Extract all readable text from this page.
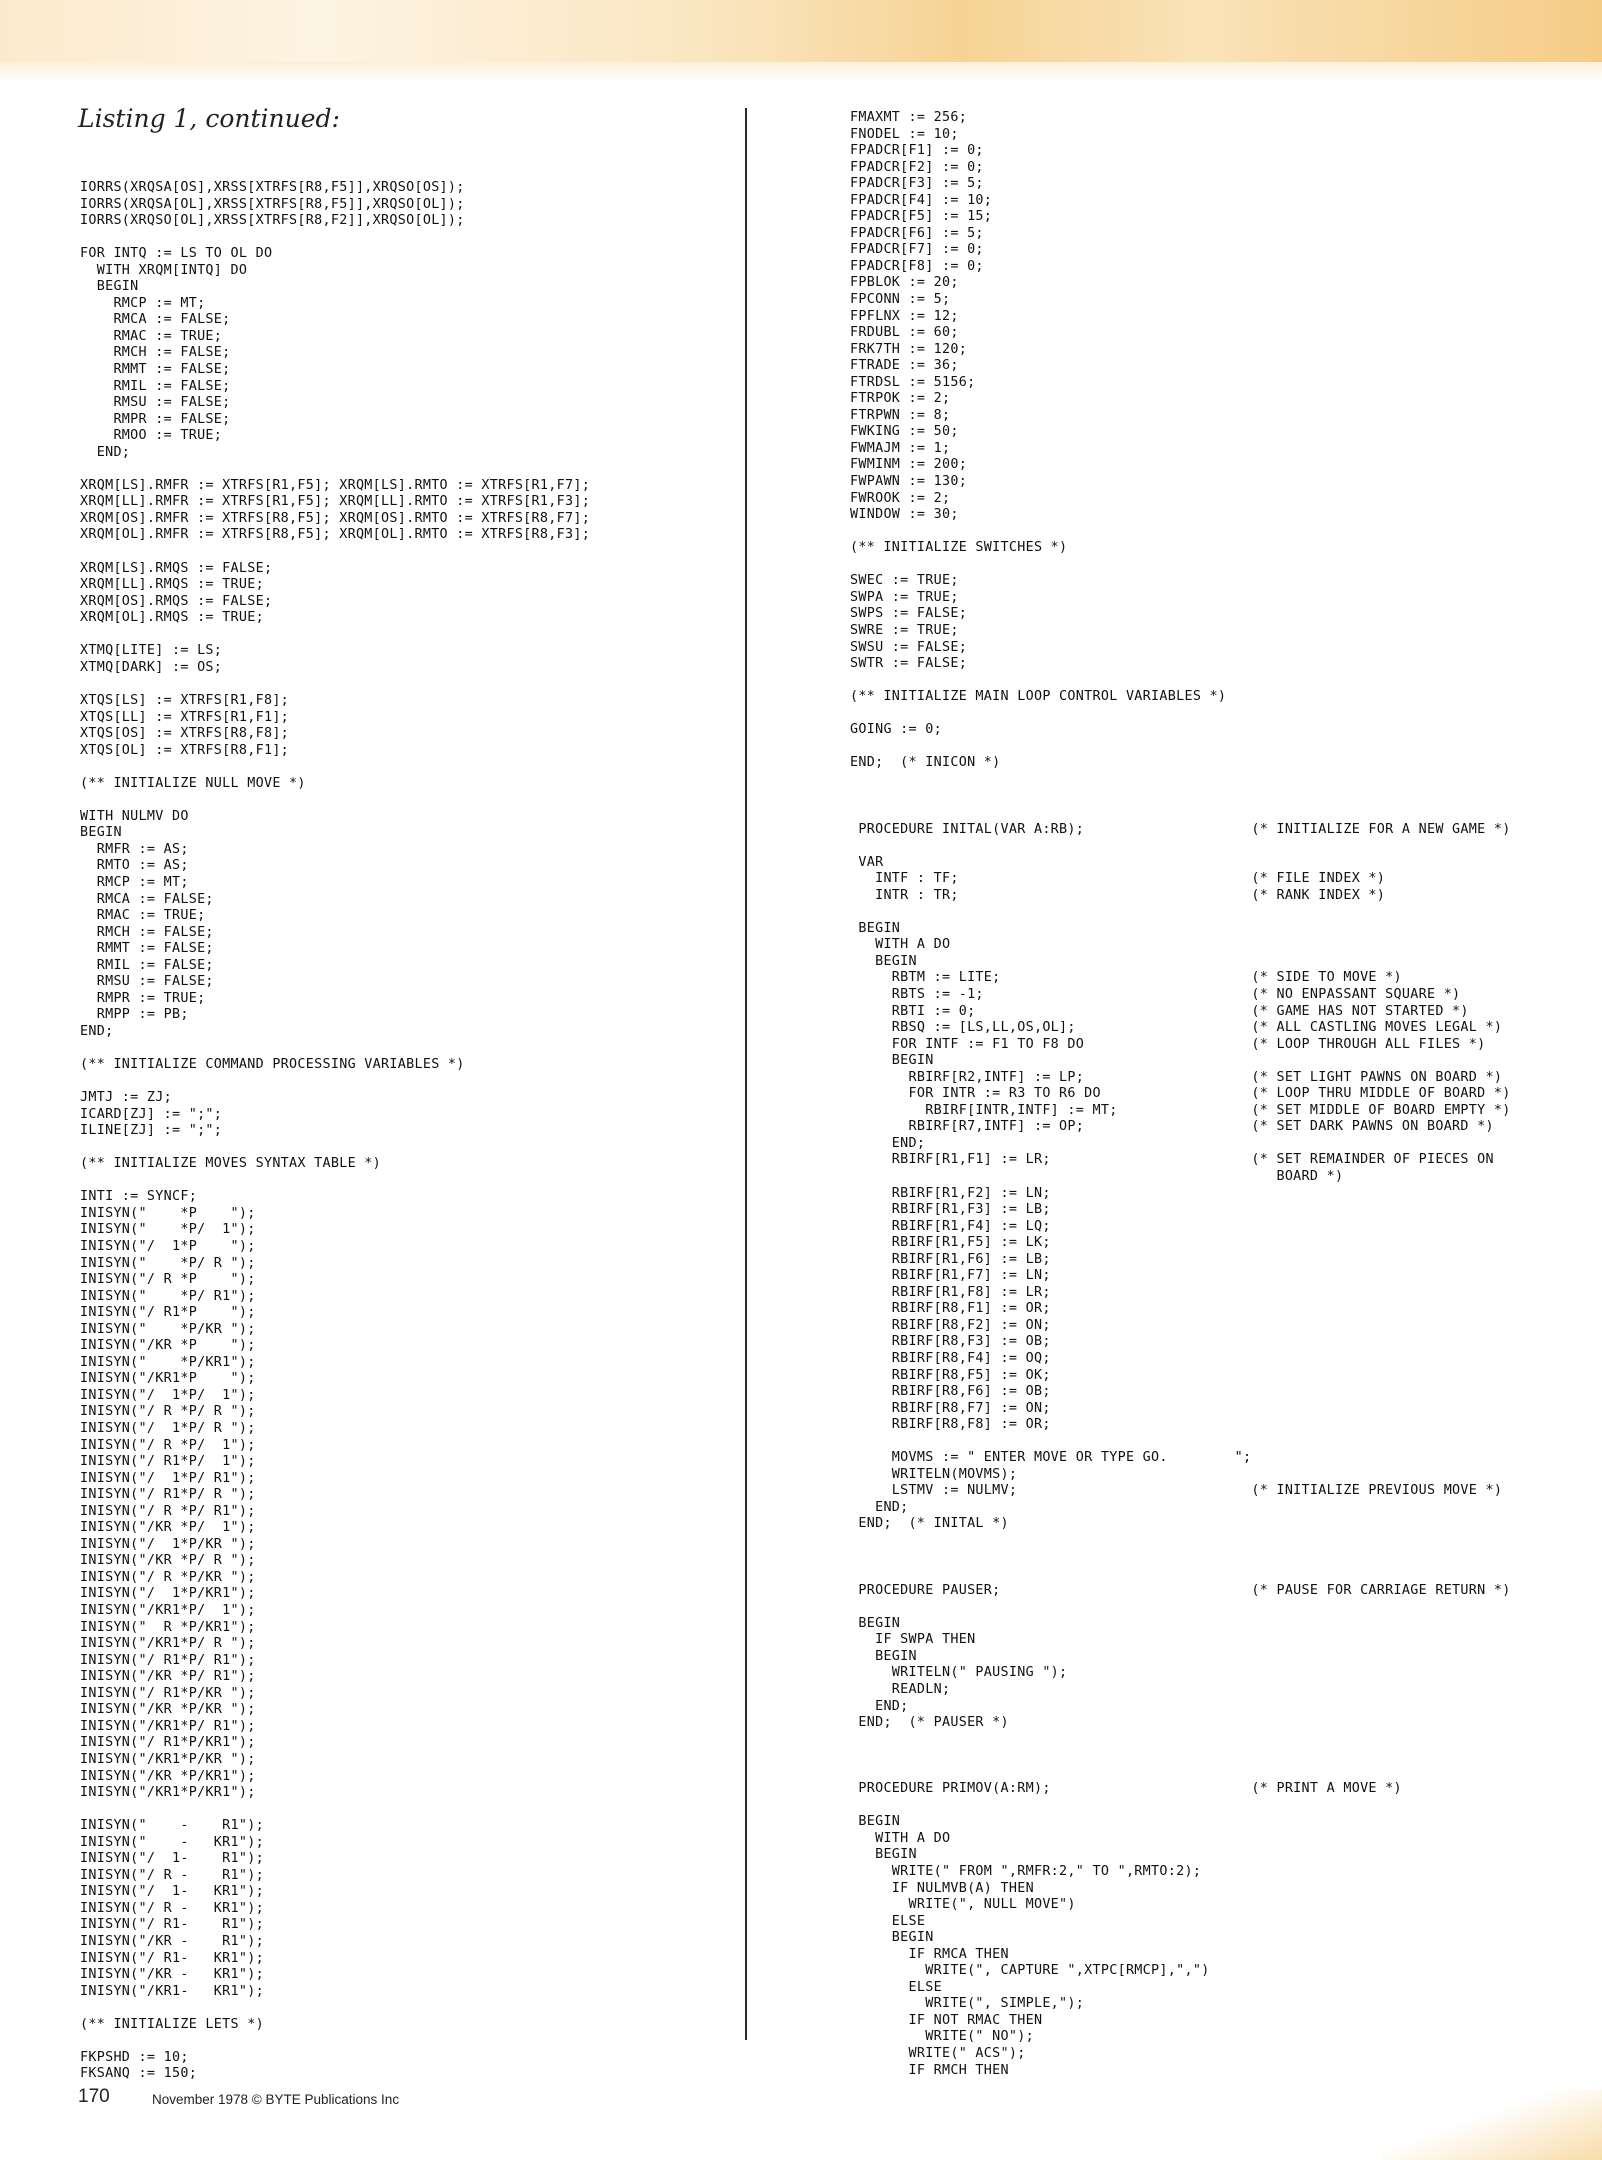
Listing 1, continued:
IORRS(XRQSA[OS],XRSS[XTRFS[R8,F5]],XRQSO[OS]);
IORRS(XRQSA[OL],XRSS[XTRFS[R8,F5]],XRQSO[OL]);
IORRS(XRQSO[OL],XRSS[XTRFS[R8,F2]],XRQSO[OL]);

FOR INTQ := LS TO OL DO
WITH XRQM[INTQ] DO
BEGIN
RMCP := MT;
RMCA := FALSE;
RMAC := TRUE;
RMCH := FALSE;
RMMT := FALSE;
RMIL := FALSE;
RMSU := FALSE;
RMPR := FALSE;
RMOO := TRUE;
END;

XRQM[LS].RMFR := XTRFS[R1,F5]; XRQM[LS].RMTO := XTRFS[R1,F7];
XRQM[LL].RMFR := XTRFS[R1,F5]; XRQM[LL].RMTO := XTRFS[R1,F3];
XRQM[OS].RMFR := XTRFS[R8,F5]; XRQM[OS].RMTO := XTRFS[R8,F7];
XRQM[OL].RMFR := XTRFS[R8,F5]; XRQM[OL].RMTO := XTRFS[R8,F3];

XRQM[LS].RMQS := FALSE;
XRQM[LL].RMQS := TRUE;
XRQM[OS].RMQS := FALSE;
XRQM[OL].RMQS := TRUE;

XTMQ[LITE] := LS;
XTMQ[DARK] := OS;

XTQS[LS] := XTRFS[R1,F8];
XTQS[LL] := XTRFS[R1,F1];
XTQS[OS] := XTRFS[R8,F8];
XTQS[OL] := XTRFS[R8,F1];

(** INITIALIZE NULL MOVE *)

WITH NULMV DO
BEGIN
RMFR := AS;
RMTO := AS;
RMCP := MT;
RMCA := FALSE;
RMAC := TRUE;
RMCH := FALSE;
RMMT := FALSE;
RMIL := FALSE;
RMSU := FALSE;
RMPR := TRUE;
RMPP := PB;
END;

(** INITIALIZE COMMAND PROCESSING VARIABLES *)

JMTJ := ZJ;
ICARD[ZJ] := ";";
ILINE[ZJ] := ";";

(** INITIALIZE MOVES SYNTAX TABLE *)

INTI := SYNCF;
INISYN("    *P    ");
INISYN("    *P/  1");
INISYN("/  1*P    ");
INISYN("    *P/ R ");
INISYN("/ R *P    ");
INISYN("    *P/ R1");
INISYN("/ R1*P    ");
INISYN("    *P/KR ");
INISYN("/KR *P    ");
INISYN("    *P/KR1");
INISYN("/KR1*P    ");
INISYN("/  1*P/  1");
INISYN("/ R *P/ R ");
INISYN("/  1*P/ R ");
INISYN("/ R *P/  1");
INISYN("/ R1*P/  1");
INISYN("/  1*P/ R1");
INISYN("/ R1*P/ R ");
INISYN("/ R *P/ R1");
INISYN("/KR *P/  1");
INISYN("/  1*P/KR ");
INISYN("/KR *P/ R ");
INISYN("/ R *P/KR ");
INISYN("/  1*P/KR1");
INISYN("/KR1*P/  1");
INISYN("  R *P/KR1");
INISYN("/KR1*P/ R ");
INISYN("/ R1*P/ R1");
INISYN("/KR *P/ R1");
INISYN("/ R1*P/KR ");
INISYN("/KR *P/KR ");
INISYN("/KR1*P/ R1");
INISYN("/ R1*P/KR1");
INISYN("/KR1*P/KR ");
INISYN("/KR *P/KR1");
INISYN("/KR1*P/KR1");

INISYN("    -    R1");
INISYN("    -   KR1");
INISYN("/  1-    R1");
INISYN("/ R -    R1");
INISYN("/  1-   KR1");
INISYN("/ R -   KR1");
INISYN("/ R1-    R1");
INISYN("/KR -    R1");
INISYN("/ R1-   KR1");
INISYN("/KR -   KR1");
INISYN("/KR1-   KR1");

(** INITIALIZE LETS *)

FKPSHD := 10;
FKSANQ := 150;
FMAXMT := 256;
FNODEL := 10;
FPADCR[F1] := 0;
FPADCR[F2] := 0;
FPADCR[F3] := 5;
FPADCR[F4] := 10;
FPADCR[F5] := 15;
FPADCR[F6] := 5;
FPADCR[F7] := 0;
FPADCR[F8] := 0;
FPBLOK := 20;
FPCONN := 5;
FPFLNX := 12;
FRDUBL := 60;
FRK7TH := 120;
FTRADE := 36;
FTRDSL := 5156;
FTRPOK := 2;
FTRPWN := 8;
FWKING := 50;
FWMAJM := 1;
FWMINM := 200;
FWPAWN := 130;
FWROOK := 2;
WINDOW := 30;

(** INITIALIZE SWITCHES *)

SWEC := TRUE;
SWPA := TRUE;
SWPS := FALSE;
SWRE := TRUE;
SWSU := FALSE;
SWTR := FALSE;

(** INITIALIZE MAIN LOOP CONTROL VARIABLES *)

GOING := 0;

END;  (* INICON *)

PROCEDURE INITAL(VAR A:RB);                    (* INITIALIZE FOR A NEW GAME *)

VAR
INTF : TF;                                   (* FILE INDEX *)
INTR : TR;                                   (* RANK INDEX *)

BEGIN
WITH A DO
BEGIN
RBTM := LITE;                              (* SIDE TO MOVE *)
RBTS := -1;                                (* NO ENPASSANT SQUARE *)
RBTI := 0;                                 (* GAME HAS NOT STARTED *)
RBSQ := [LS,LL,OS,OL];                     (* ALL CASTLING MOVES LEGAL *)
FOR INTF := F1 TO F8 DO                    (* LOOP THROUGH ALL FILES *)
BEGIN
RBIRF[R2,INTF] := LP;                    (* SET LIGHT PAWNS ON BOARD *)
FOR INTR := R3 TO R6 DO                  (* LOOP THRU MIDDLE OF BOARD *)
RBIRF[INTR,INTF] := MT;                (* SET MIDDLE OF BOARD EMPTY *)
RBIRF[R7,INTF] := OP;                    (* SET DARK PAWNS ON BOARD *)
END;
RBIRF[R1,F1] := LR;                        (* SET REMAINDER OF PIECES ON
BOARD *)
RBIRF[R1,F2] := LN;
RBIRF[R1,F3] := LB;
RBIRF[R1,F4] := LQ;
RBIRF[R1,F5] := LK;
RBIRF[R1,F6] := LB;
RBIRF[R1,F7] := LN;
RBIRF[R1,F8] := LR;
RBIRF[R8,F1] := OR;
RBIRF[R8,F2] := ON;
RBIRF[R8,F3] := OB;
RBIRF[R8,F4] := OQ;
RBIRF[R8,F5] := OK;
RBIRF[R8,F6] := OB;
RBIRF[R8,F7] := ON;
RBIRF[R8,F8] := OR;

MOVMS := " ENTER MOVE OR TYPE GO.        ";
WRITELN(MOVMS);
LSTMV := NULMV;                            (* INITIALIZE PREVIOUS MOVE *)
END;
END;  (* INITAL *)

PROCEDURE PAUSER;                              (* PAUSE FOR CARRIAGE RETURN *)

BEGIN
IF SWPA THEN
BEGIN
WRITELN(" PAUSING ");
READLN;
END;
END;  (* PAUSER *)

PROCEDURE PRIMOV(A:RM);                        (* PRINT A MOVE *)

BEGIN
WITH A DO
BEGIN
WRITE(" FROM ",RMFR:2," TO ",RMTO:2);
IF NULMVB(A) THEN
WRITE(", NULL MOVE")
ELSE
BEGIN
IF RMCA THEN
WRITE(", CAPTURE ",XTPC[RMCP],",")
ELSE
WRITE(", SIMPLE,");
IF NOT RMAC THEN
WRITE(" NO");
WRITE(" ACS");
IF RMCH THEN
170	November 1978 © BYTE Publications Inc
